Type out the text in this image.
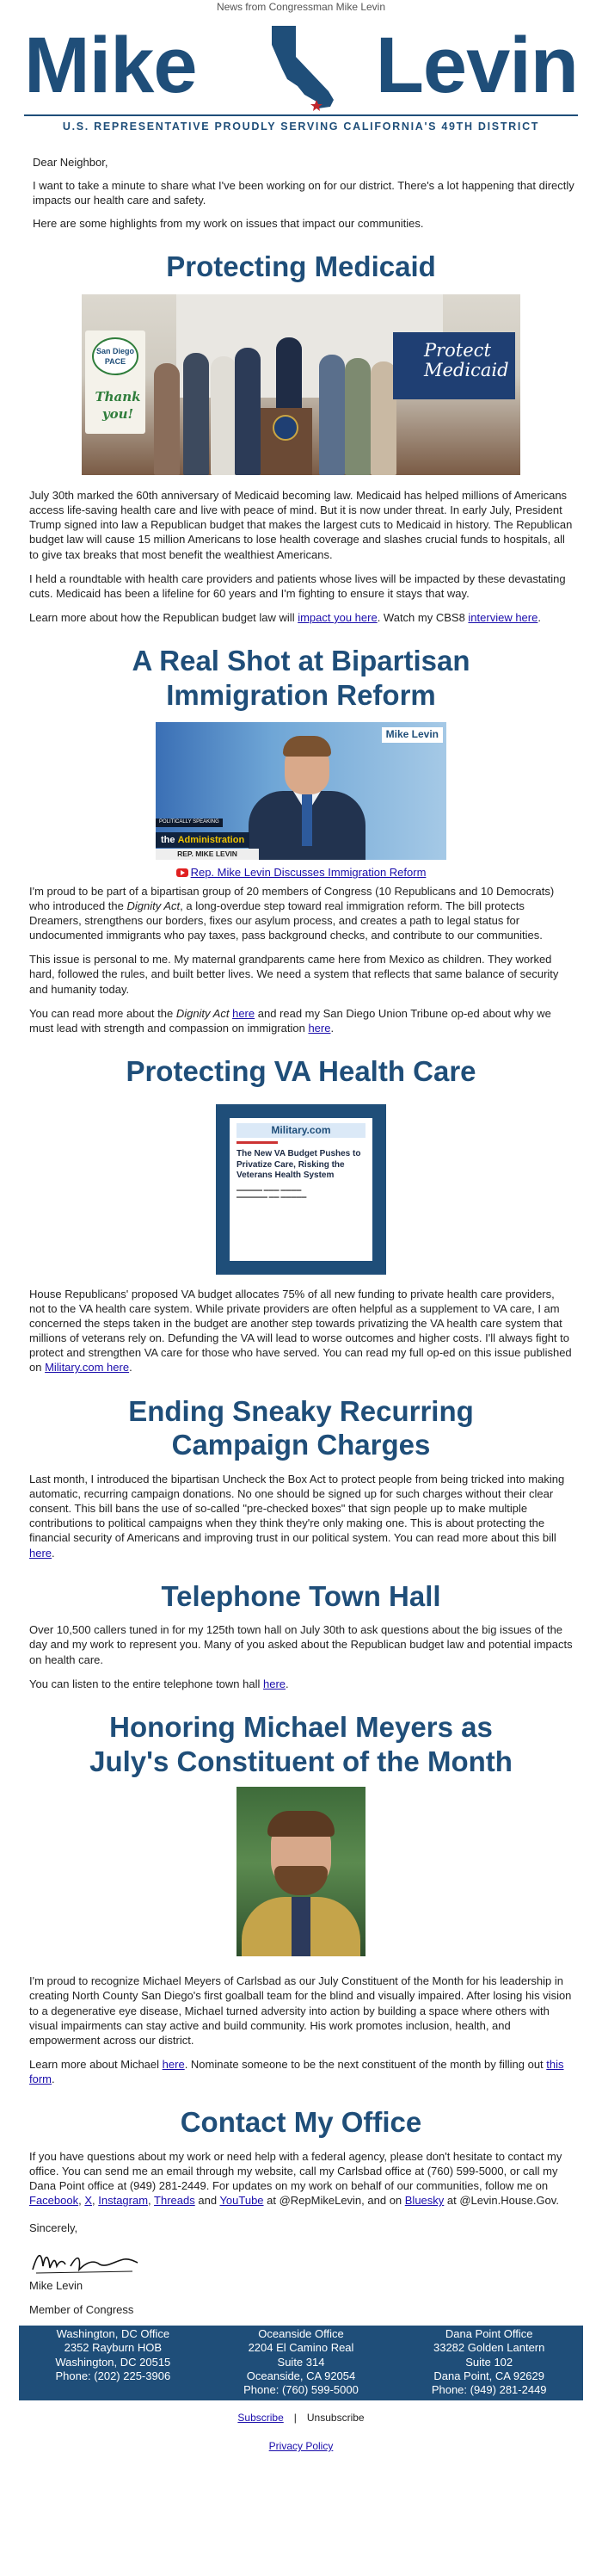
News from Congressman Mike Levin
Mike Levin
U.S. REPRESENTATIVE PROUDLY SERVING CALIFORNIA'S 49TH DISTRICT

Dear Neighbor,

I want to take a minute to share what I've been working on for our district. There's a lot happening that directly impacts our health care and safety.

Here are some highlights from my work on issues that impact our communities.

Protecting Medicaid
San Diego PACE
Thank you!
Protect Medicaid

July 30th marked the 60th anniversary of Medicaid becoming law. Medicaid has helped millions of Americans access life-saving health care and live with peace of mind. But it is now under threat. In early July, President Trump signed into law a Republican budget that makes the largest cuts to Medicaid in history. The Republican budget law will cause 15 million Americans to lose health coverage and slashes crucial funds to hospitals, all to give tax breaks that most benefit the wealthiest Americans.

I held a roundtable with health care providers and patients whose lives will be impacted by these devastating cuts. Medicaid has been a lifeline for 60 years and I'm fighting to ensure it stays that way.

Learn more about how the Republican budget law will impact you here. Watch my CBS8 interview here.

A Real Shot at Bipartisan Immigration Reform
Mike Levin
POLITICALLY SPEAKING
the Administration
REP. MIKE LEVIN
Rep. Mike Levin Discusses Immigration Reform

I'm proud to be part of a bipartisan group of 20 members of Congress (10 Republicans and 10 Democrats) who introduced the Dignity Act, a long-overdue step toward real immigration reform. The bill protects Dreamers, strengthens our borders, fixes our asylum process, and creates a path to legal status for undocumented immigrants who pay taxes, pass background checks, and contribute to our communities.

This issue is personal to me. My maternal grandparents came here from Mexico as children. They worked hard, followed the rules, and built better lives. We need a system that reflects that same balance of security and humanity today.

You can read more about the Dignity Act here and read my San Diego Union Tribune op-ed about why we must lead with strength and compassion on immigration here.

Protecting VA Health Care
Military.com
The New VA Budget Pushes to Privatize Care, Risking the Veterans Health System
▬▬▬▬▬ ▬▬▬ ▬▬▬▬
▬▬▬▬▬▬ ▬▬ ▬▬▬▬▬

House Republicans' proposed VA budget allocates 75% of all new funding to private health care providers, not to the VA health care system. While private providers are often helpful as a supplement to VA care, I am concerned the steps taken in the budget are another step towards privatizing the VA health care system that millions of veterans rely on. Defunding the VA will lead to worse outcomes and higher costs. I'll always fight to protect and strengthen VA care for those who have served. You can read my full op-ed on this issue published on Military.com here.

Ending Sneaky Recurring Campaign Charges

Last month, I introduced the bipartisan Uncheck the Box Act to protect people from being tricked into making automatic, recurring campaign donations. No one should be signed up for such charges without their clear consent. This bill bans the use of so-called "pre-checked boxes" that sign people up to make multiple contributions to political campaigns when they think they're only making one. This is about protecting the financial security of Americans and improving trust in our political system. You can read more about this bill here.

Telephone Town Hall

Over 10,500 callers tuned in for my 125th town hall on July 30th to ask questions about the big issues of the day and my work to represent you. Many of you asked about the Republican budget law and potential impacts on health care.

You can listen to the entire telephone town hall here.

Honoring Michael Meyers as July's Constituent of the Month

I'm proud to recognize Michael Meyers of Carlsbad as our July Constituent of the Month for his leadership in creating North County San Diego's first goalball team for the blind and visually impaired. After losing his vision to a degenerative eye disease, Michael turned adversity into action by building a space where others with visual impairments can stay active and build community. His work promotes inclusion, health, and empowerment across our district.

Learn more about Michael here. Nominate someone to be the next constituent of the month by filling out this form.

Contact My Office

If you have questions about my work or need help with a federal agency, please don't hesitate to contact my office. You can send me an email through my website, call my Carlsbad office at (760) 599-5000, or call my Dana Point office at (949) 281-2449. For updates on my work on behalf of our communities, follow me on Facebook, X, Instagram, Threads and YouTube at @RepMikeLevin, and on Bluesky at @Levin.House.Gov.

Sincerely,

Mike Levin

Member of Congress

Washington, DC Office
2352 Rayburn HOB
Washington, DC 20515
Phone: (202) 225-3906
Oceanside Office
2204 El Camino Real
Suite 314
Oceanside, CA 92054
Phone: (760) 599-5000
Dana Point Office
33282 Golden Lantern
Suite 102
Dana Point, CA 92629
Phone: (949) 281-2449
Subscribe | Unsubscribe
Privacy Policy
